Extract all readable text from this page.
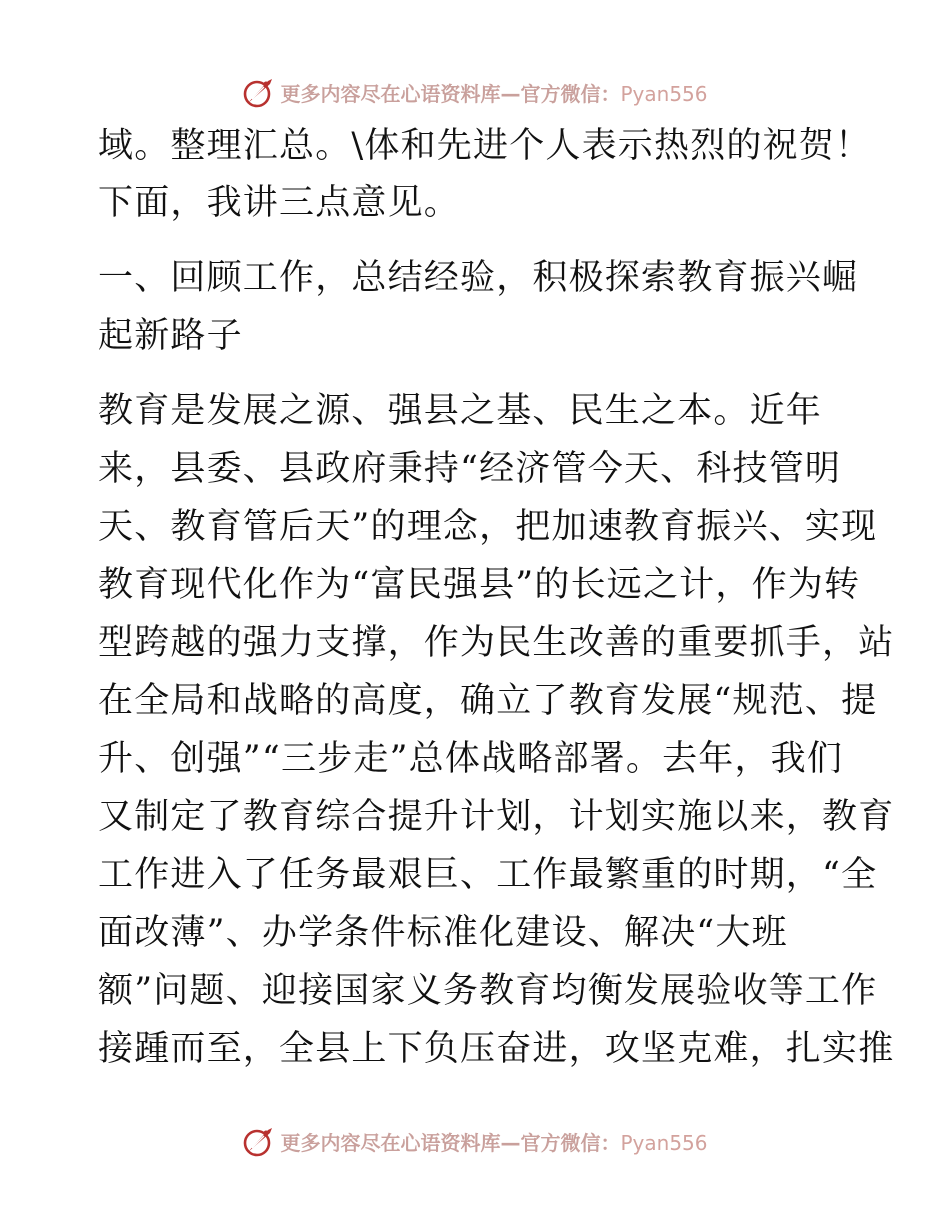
更多内容尽在心语资料库—官方微信：Pyan556
域。整理汇总。\体和先进个人表示热烈的祝贺！
下面，我讲三点意见。
一、回顾工作，总结经验，积极探索教育振兴崛
起新路子
教育是发展之源、强县之基、民生之本。近年
来，县委、县政府秉持“经济管今天、科技管明
天、教育管后天”的理念，把加速教育振兴、实现
教育现代化作为“富民强县”的长远之计，作为转
型跨越的强力支撑，作为民生改善的重要抓手，站
在全局和战略的高度，确立了教育发展“规范、提
升、创强”“三步走”总体战略部署。去年，我们
又制定了教育综合提升计划，计划实施以来，教育
工作进入了任务最艰巨、工作最繁重的时期，“全
面改薄”、办学条件标准化建设、解决“大班
额”问题、迎接国家义务教育均衡发展验收等工作
接踵而至，全县上下负压奋进，攻坚克难，扎实推
更多内容尽在心语资料库—官方微信：Pyan556
